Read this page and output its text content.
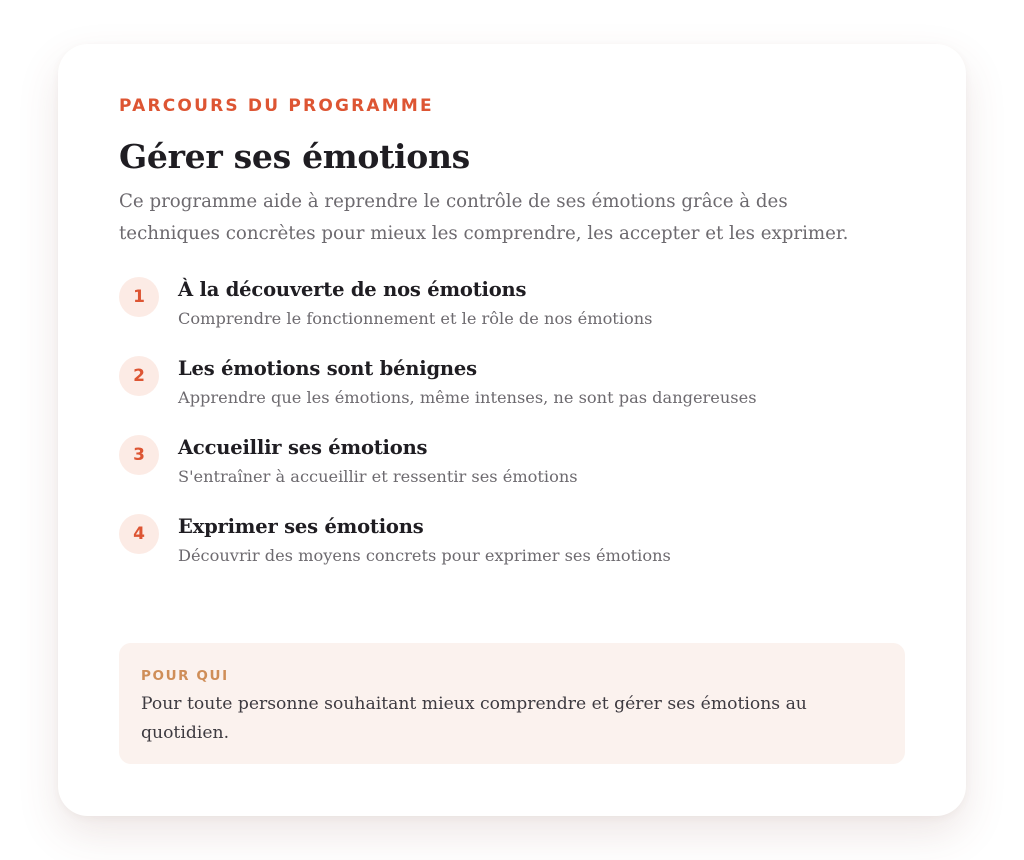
PARCOURS DU PROGRAMME
Gérer ses émotions

Ce programme aide à reprendre le contrôle de ses émotions grâce à des techniques concrètes pour mieux les comprendre, les accepter et les exprimer.

1	À la découverte de nos émotions
Comprendre le fonctionnement et le rôle de nos émotions
2	Les émotions sont bénignes
Apprendre que les émotions, même intenses, ne sont pas dangereuses
3	Accueillir ses émotions
S'entraîner à accueillir et ressentir ses émotions
4	Exprimer ses émotions
Découvrir des moyens concrets pour exprimer ses émotions
POUR QUI
Pour toute personne souhaitant mieux comprendre et gérer ses émotions au quotidien.
